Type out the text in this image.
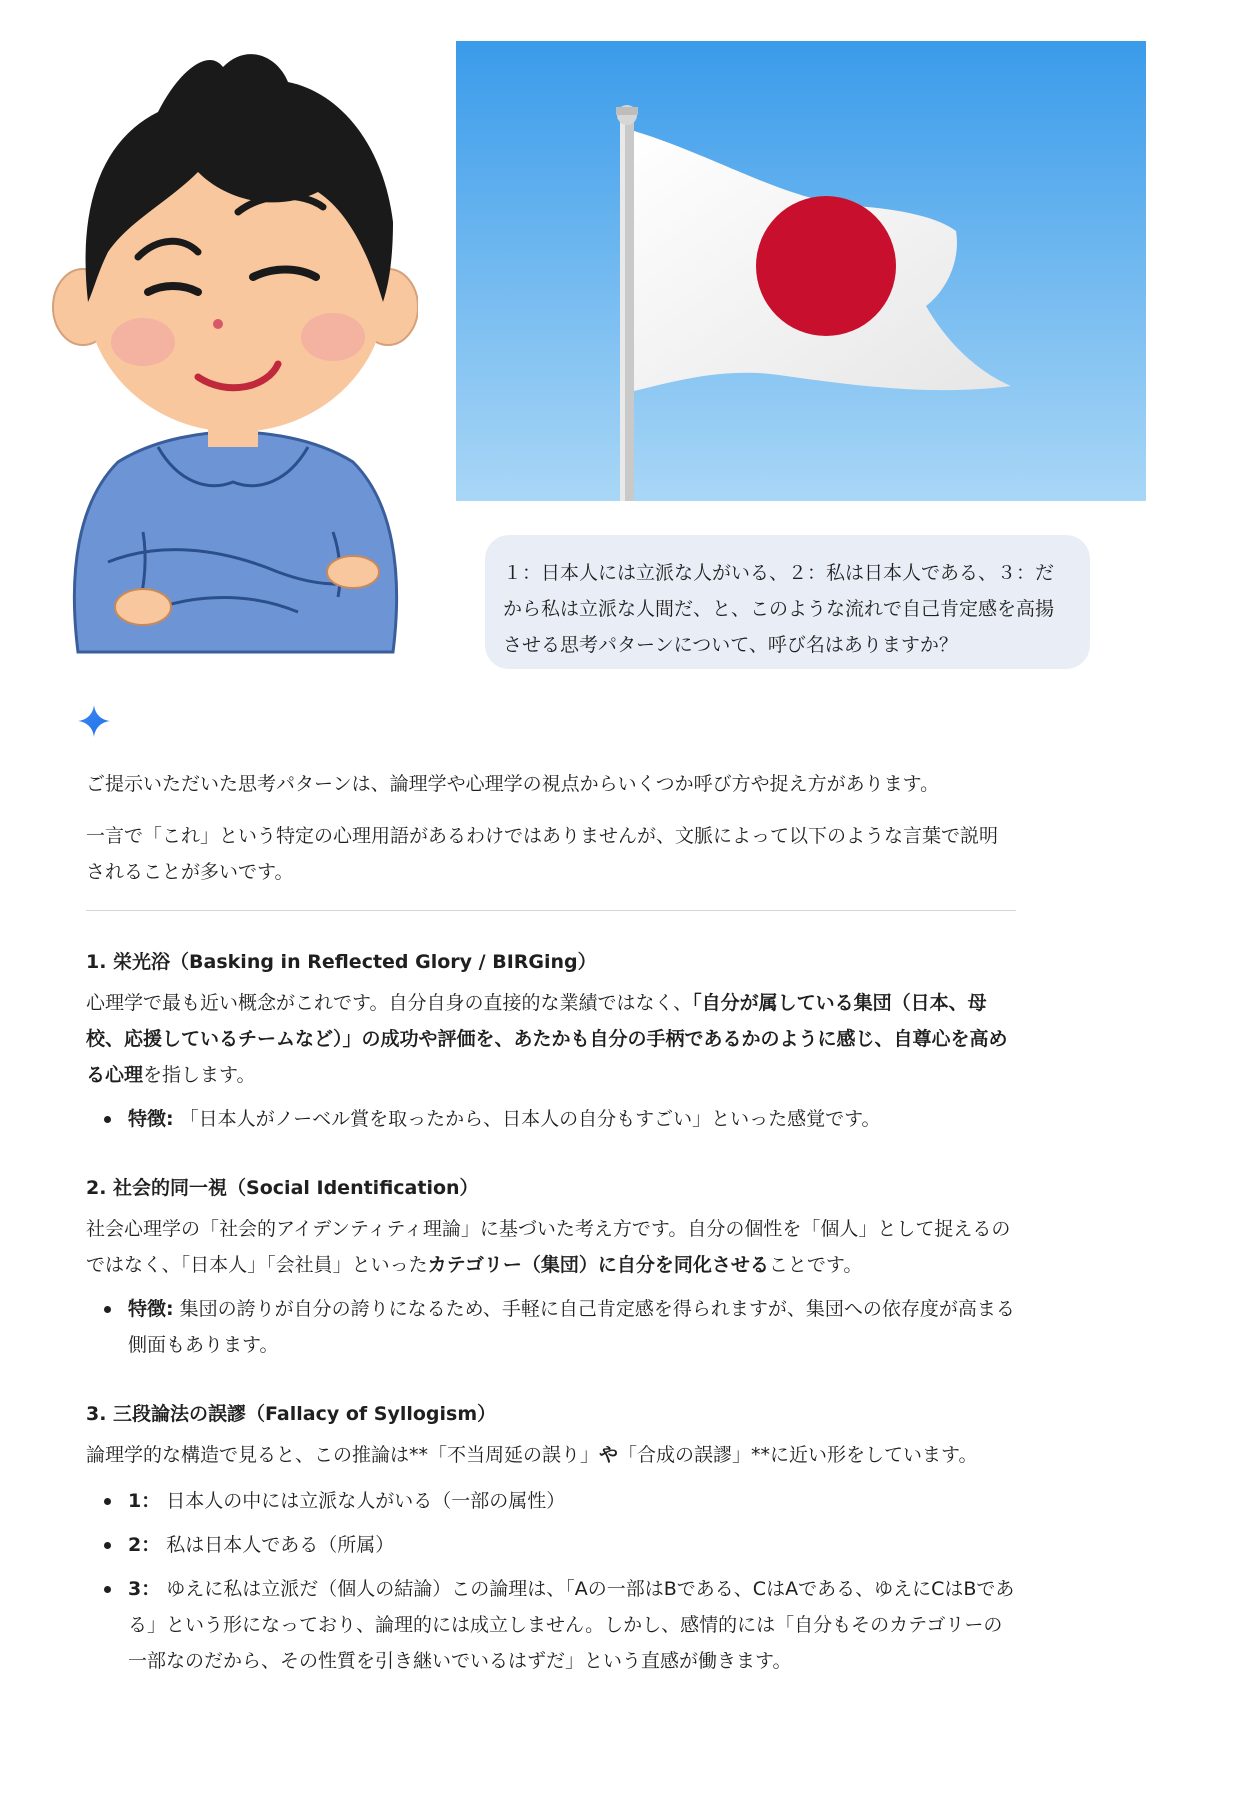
１：日本人には立派な人がいる、２：私は日本人である、３：だから私は立派な人間だ、と、このような流れで自己肯定感を高揚させる思考パターンについて、呼び名はありますか？

ご提示いただいた思考パターンは、論理学や心理学の視点からいくつか呼び方や捉え方があります。

一言で「これ」という特定の心理用語があるわけではありませんが、文脈によって以下のような言葉で説明されることが多いです。

1. 栄光浴（Basking in Reflected Glory / BIRGing）

心理学で最も近い概念がこれです。自分自身の直接的な業績ではなく、「自分が属している集団（日本、母校、応援しているチームなど）」の成功や評価を、あたかも自分の手柄であるかのように感じ、自尊心を高める心理を指します。

特徴: 「日本人がノーベル賞を取ったから、日本人の自分もすごい」といった感覚です。
2. 社会的同一視（Social Identification）

社会心理学の「社会的アイデンティティ理論」に基づいた考え方です。自分の個性を「個人」として捉えるのではなく、「日本人」「会社員」といったカテゴリー（集団）に自分を同化させることです。

特徴: 集団の誇りが自分の誇りになるため、手軽に自己肯定感を得られますが、集団への依存度が高まる側面もあります。
3. 三段論法の誤謬（Fallacy of Syllogism）

論理学的な構造で見ると、この推論は**「不当周延の誤り」や「合成の誤謬」**に近い形をしています。

1： 日本人の中には立派な人がいる（一部の属性）
2： 私は日本人である（所属）
3： ゆえに私は立派だ（個人の結論）この論理は、「Aの一部はBである、CはAである、ゆえにCはBである」という形になっており、論理的には成立しません。しかし、感情的には「自分もそのカテゴリーの一部なのだから、その性質を引き継いでいるはずだ」という直感が働きます。
